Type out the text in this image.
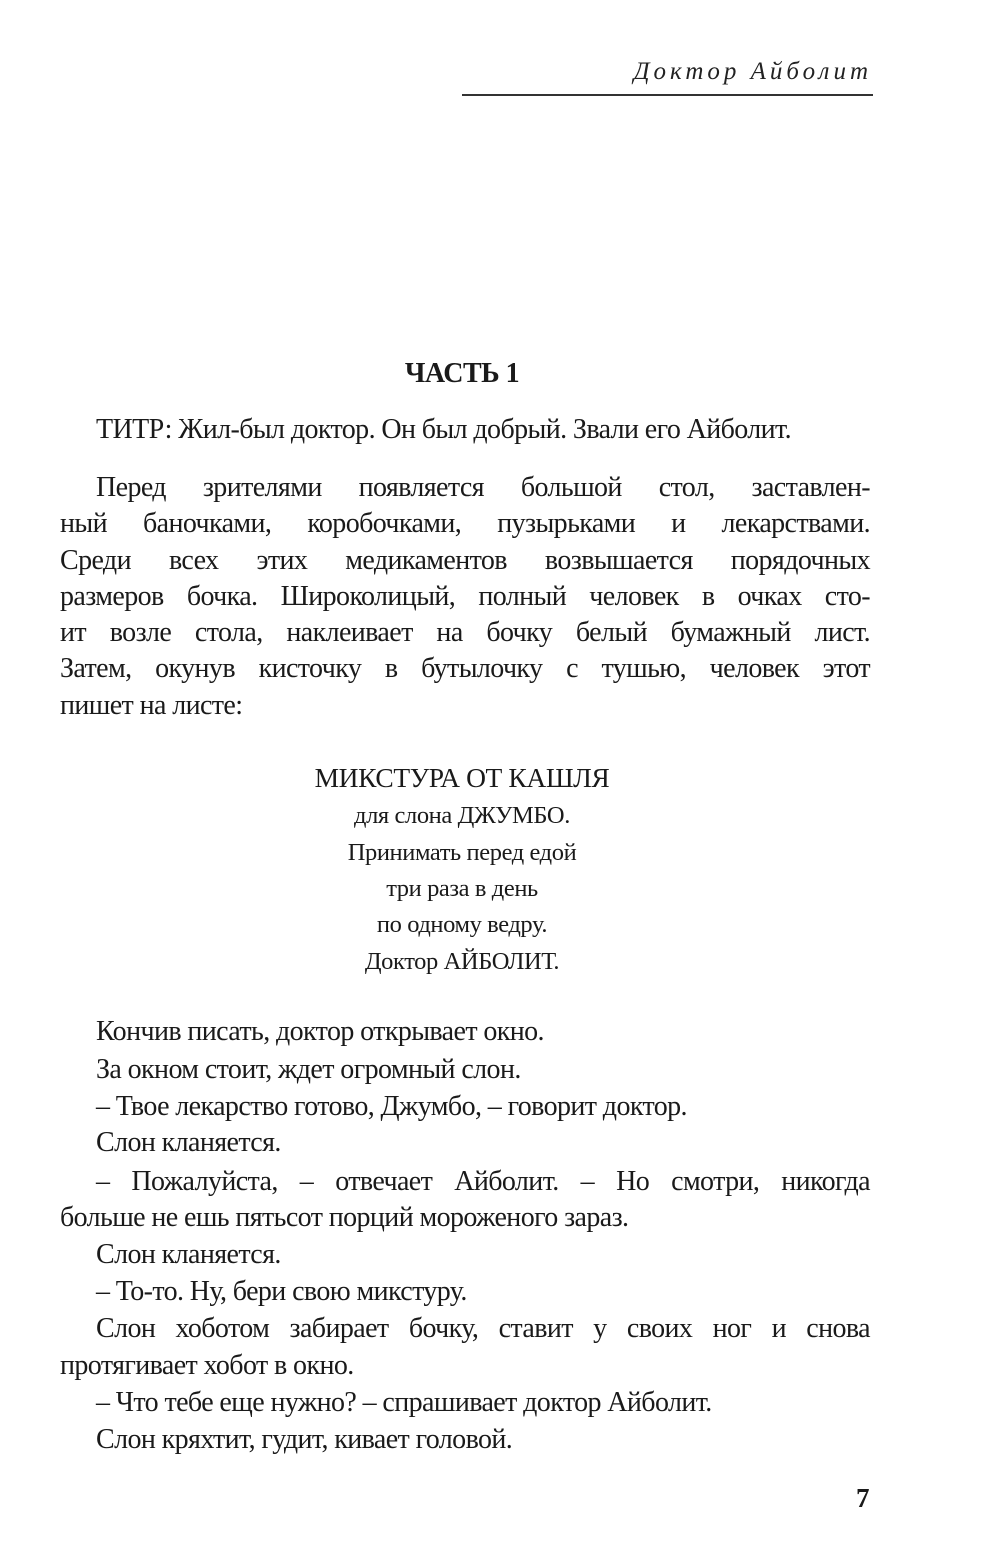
Доктор Айболит
ЧАСТЬ 1
ТИТР: Жил-был доктор. Он был добрый. Звали его Айболит.
Перед зрителями появляется большой стол, заставлен-
ный баночками, коробочками, пузырьками и лекарствами.
Среди всех этих медикаментов возвышается порядочных
размеров бочка. Широколицый, полный человек в очках сто-
ит возле стола, наклеивает на бочку белый бумажный лист.
Затем, окунув кисточку в бутылочку с тушью, человек этот
пишет на листе:
МИКСТУРА ОТ КАШЛЯ
для слона ДЖУМБО.
Принимать перед едой
три раза в день
по одному ведру.
Доктор АЙБОЛИТ.
Кончив писать, доктор открывает окно.
За окном стоит, ждет огромный слон.
– Твое лекарство готово, Джумбо, – говорит доктор.
Слон кланяется.
– Пожалуйста, – отвечает Айболит. – Но смотри, никогда
больше не ешь пятьсот порций мороженого зараз.
Слон кланяется.
– То-то. Ну, бери свою микстуру.
Слон хоботом забирает бочку, ставит у своих ног и снова
протягивает хобот в окно.
– Что тебе еще нужно? – спрашивает доктор Айболит.
Слон кряхтит, гудит, кивает головой.
7
